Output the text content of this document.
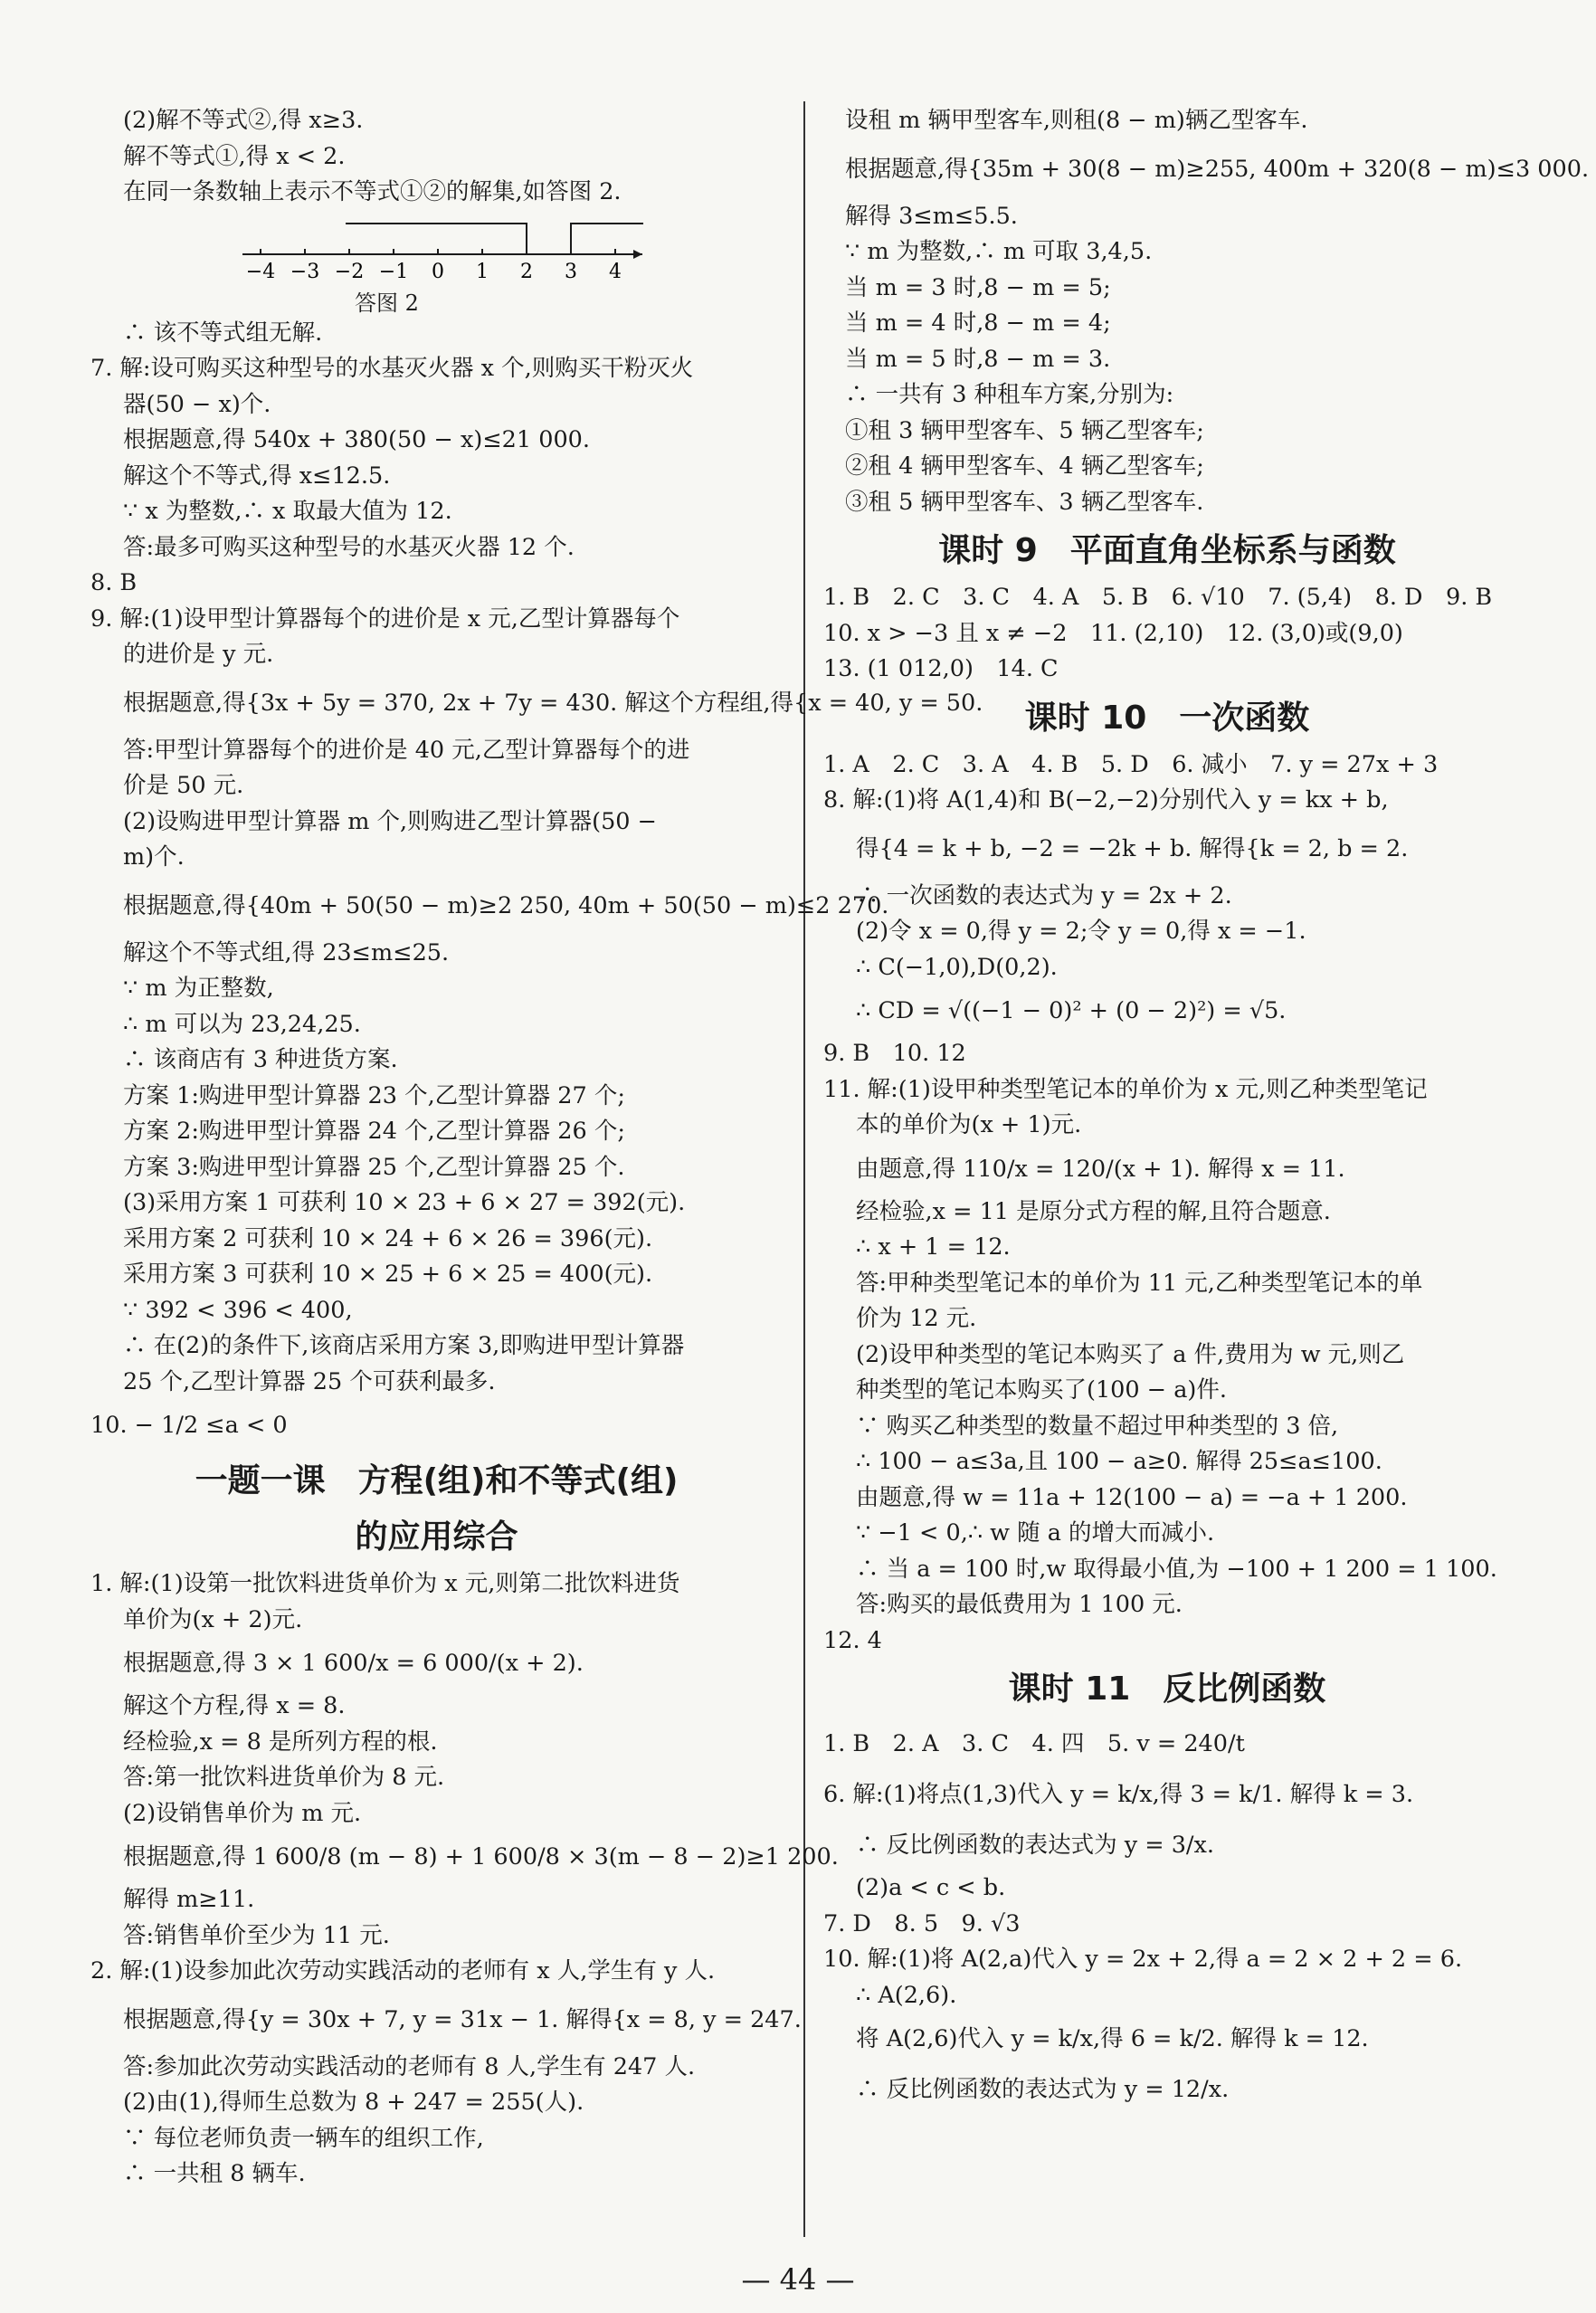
(2)解不等式②,得 x≥3.
解不等式①,得 x < 2.
在同一条数轴上表示不等式①②的解集,如答图 2.
−4 −3 −2 −1 0 1 2 3 4
答图 2
∴ 该不等式组无解.
7. 解:设可购买这种型号的水基灭火器 x 个,则购买干粉灭火
器(50 − x)个.
根据题意,得 540x + 380(50 − x)≤21 000.
解这个不等式,得 x≤12.5.
∵ x 为整数,∴ x 取最大值为 12.
答:最多可购买这种型号的水基灭火器 12 个.
8. B
9. 解:(1)设甲型计算器每个的进价是 x 元,乙型计算器每个
的进价是 y 元.
根据题意,得{3x + 5y = 370, 2x + 7y = 430. 解这个方程组,得{x = 40, y = 50.
答:甲型计算器每个的进价是 40 元,乙型计算器每个的进
价是 50 元.
(2)设购进甲型计算器 m 个,则购进乙型计算器(50 −
m)个.
根据题意,得{40m + 50(50 − m)≥2 250, 40m + 50(50 − m)≤2 270.
解这个不等式组,得 23≤m≤25.
∵ m 为正整数,
∴ m 可以为 23,24,25.
∴ 该商店有 3 种进货方案.
方案 1:购进甲型计算器 23 个,乙型计算器 27 个;
方案 2:购进甲型计算器 24 个,乙型计算器 26 个;
方案 3:购进甲型计算器 25 个,乙型计算器 25 个.
(3)采用方案 1 可获利 10 × 23 + 6 × 27 = 392(元).
采用方案 2 可获利 10 × 24 + 6 × 26 = 396(元).
采用方案 3 可获利 10 × 25 + 6 × 25 = 400(元).
∵ 392 < 396 < 400,
∴ 在(2)的条件下,该商店采用方案 3,即购进甲型计算器
25 个,乙型计算器 25 个可获利最多.
10. − 1/2 ≤a < 0
一题一课　方程(组)和不等式(组)
的应用综合
1. 解:(1)设第一批饮料进货单价为 x 元,则第二批饮料进货
单价为(x + 2)元.
根据题意,得 3 × 1 600/x = 6 000/(x + 2).
解这个方程,得 x = 8.
经检验,x = 8 是所列方程的根.
答:第一批饮料进货单价为 8 元.
(2)设销售单价为 m 元.
根据题意,得 1 600/8 (m − 8) + 1 600/8 × 3(m − 8 − 2)≥1 200.
解得 m≥11.
答:销售单价至少为 11 元.
2. 解:(1)设参加此次劳动实践活动的老师有 x 人,学生有 y 人.
根据题意,得{y = 30x + 7, y = 31x − 1. 解得{x = 8, y = 247.
答:参加此次劳动实践活动的老师有 8 人,学生有 247 人.
(2)由(1),得师生总数为 8 + 247 = 255(人).
∵ 每位老师负责一辆车的组织工作,
∴ 一共租 8 辆车.
设租 m 辆甲型客车,则租(8 − m)辆乙型客车.
根据题意,得{35m + 30(8 − m)≥255, 400m + 320(8 − m)≤3 000.
解得 3≤m≤5.5.
∵ m 为整数,∴ m 可取 3,4,5.
当 m = 3 时,8 − m = 5;
当 m = 4 时,8 − m = 4;
当 m = 5 时,8 − m = 3.
∴ 一共有 3 种租车方案,分别为:
①租 3 辆甲型客车、5 辆乙型客车;
②租 4 辆甲型客车、4 辆乙型客车;
③租 5 辆甲型客车、3 辆乙型客车.
课时 9　平面直角坐标系与函数
1. B　2. C　3. C　4. A　5. B　6. √10　7. (5,4)　8. D　9. B
10. x > −3 且 x ≠ −2　11. (2,10)　12. (3,0)或(9,0)
13. (1 012,0)　14. C
课时 10　一次函数
1. A　2. C　3. A　4. B　5. D　6. 减小　7. y = 27x + 3
8. 解:(1)将 A(1,4)和 B(−2,−2)分别代入 y = kx + b,
得{4 = k + b, −2 = −2k + b. 解得{k = 2, b = 2.
∴ 一次函数的表达式为 y = 2x + 2.
(2)令 x = 0,得 y = 2;令 y = 0,得 x = −1.
∴ C(−1,0),D(0,2).
∴ CD = √((−1 − 0)² + (0 − 2)²) = √5.
9. B　10. 12
11. 解:(1)设甲种类型笔记本的单价为 x 元,则乙种类型笔记
本的单价为(x + 1)元.
由题意,得 110/x = 120/(x + 1). 解得 x = 11.
经检验,x = 11 是原分式方程的解,且符合题意.
∴ x + 1 = 12.
答:甲种类型笔记本的单价为 11 元,乙种类型笔记本的单
价为 12 元.
(2)设甲种类型的笔记本购买了 a 件,费用为 w 元,则乙
种类型的笔记本购买了(100 − a)件.
∵ 购买乙种类型的数量不超过甲种类型的 3 倍,
∴ 100 − a≤3a,且 100 − a≥0. 解得 25≤a≤100.
由题意,得 w = 11a + 12(100 − a) = −a + 1 200.
∵ −1 < 0,∴ w 随 a 的增大而减小.
∴ 当 a = 100 时,w 取得最小值,为 −100 + 1 200 = 1 100.
答:购买的最低费用为 1 100 元.
12. 4
课时 11　反比例函数
1. B　2. A　3. C　4. 四　5. v = 240/t
6. 解:(1)将点(1,3)代入 y = k/x,得 3 = k/1. 解得 k = 3.
∴ 反比例函数的表达式为 y = 3/x.
(2)a < c < b.
7. D　8. 5　9. √3
10. 解:(1)将 A(2,a)代入 y = 2x + 2,得 a = 2 × 2 + 2 = 6.
∴ A(2,6).
将 A(2,6)代入 y = k/x,得 6 = k/2. 解得 k = 12.
∴ 反比例函数的表达式为 y = 12/x.
— 44 —
